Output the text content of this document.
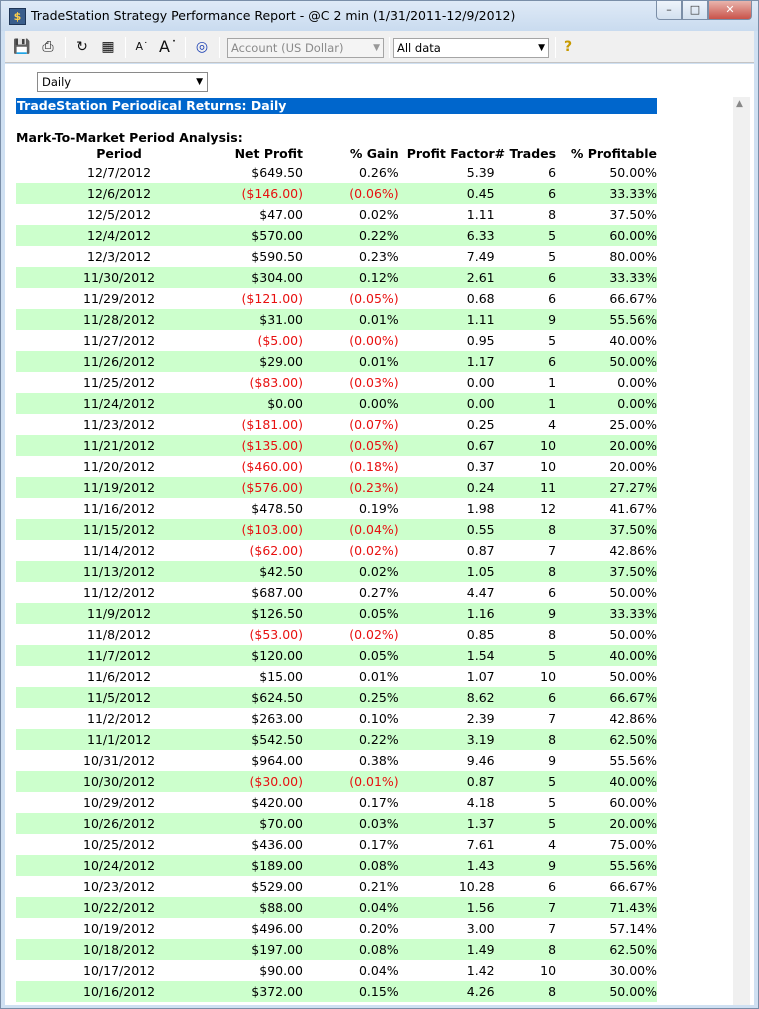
$ TradeStation Strategy Performance Report - @C 2 min (1/31/2011-12/9/2012)	–	□	✕
💾 ⎙ ↻ ▦ A˙ A˙ ◎	Account (US Dollar)	▼	All data	▼	?
Daily	▼
TradeStation Periodical Returns: Daily
Mark-To-Market Period Analysis:
Period	Net Profit	% Gain	Profit Factor	# Trades	% Profitable
12/7/2012	$649.50	0.26%	5.39	6	50.00%
12/6/2012	($146.00)	(0.06%)	0.45	6	33.33%
12/5/2012	$47.00	0.02%	1.11	8	37.50%
12/4/2012	$570.00	0.22%	6.33	5	60.00%
12/3/2012	$590.50	0.23%	7.49	5	80.00%
11/30/2012	$304.00	0.12%	2.61	6	33.33%
11/29/2012	($121.00)	(0.05%)	0.68	6	66.67%
11/28/2012	$31.00	0.01%	1.11	9	55.56%
11/27/2012	($5.00)	(0.00%)	0.95	5	40.00%
11/26/2012	$29.00	0.01%	1.17	6	50.00%
11/25/2012	($83.00)	(0.03%)	0.00	1	0.00%
11/24/2012	$0.00	0.00%	0.00	1	0.00%
11/23/2012	($181.00)	(0.07%)	0.25	4	25.00%
11/21/2012	($135.00)	(0.05%)	0.67	10	20.00%
11/20/2012	($460.00)	(0.18%)	0.37	10	20.00%
11/19/2012	($576.00)	(0.23%)	0.24	11	27.27%
11/16/2012	$478.50	0.19%	1.98	12	41.67%
11/15/2012	($103.00)	(0.04%)	0.55	8	37.50%
11/14/2012	($62.00)	(0.02%)	0.87	7	42.86%
11/13/2012	$42.50	0.02%	1.05	8	37.50%
11/12/2012	$687.00	0.27%	4.47	6	50.00%
11/9/2012	$126.50	0.05%	1.16	9	33.33%
11/8/2012	($53.00)	(0.02%)	0.85	8	50.00%
11/7/2012	$120.00	0.05%	1.54	5	40.00%
11/6/2012	$15.00	0.01%	1.07	10	50.00%
11/5/2012	$624.50	0.25%	8.62	6	66.67%
11/2/2012	$263.00	0.10%	2.39	7	42.86%
11/1/2012	$542.50	0.22%	3.19	8	62.50%
10/31/2012	$964.00	0.38%	9.46	9	55.56%
10/30/2012	($30.00)	(0.01%)	0.87	5	40.00%
10/29/2012	$420.00	0.17%	4.18	5	60.00%
10/26/2012	$70.00	0.03%	1.37	5	20.00%
10/25/2012	$436.00	0.17%	7.61	4	75.00%
10/24/2012	$189.00	0.08%	1.43	9	55.56%
10/23/2012	$529.00	0.21%	10.28	6	66.67%
10/22/2012	$88.00	0.04%	1.56	7	71.43%
10/19/2012	$496.00	0.20%	3.00	7	57.14%
10/18/2012	$197.00	0.08%	1.49	8	62.50%
10/17/2012	$90.00	0.04%	1.42	10	30.00%
10/16/2012	$372.00	0.15%	4.26	8	50.00%
▲
